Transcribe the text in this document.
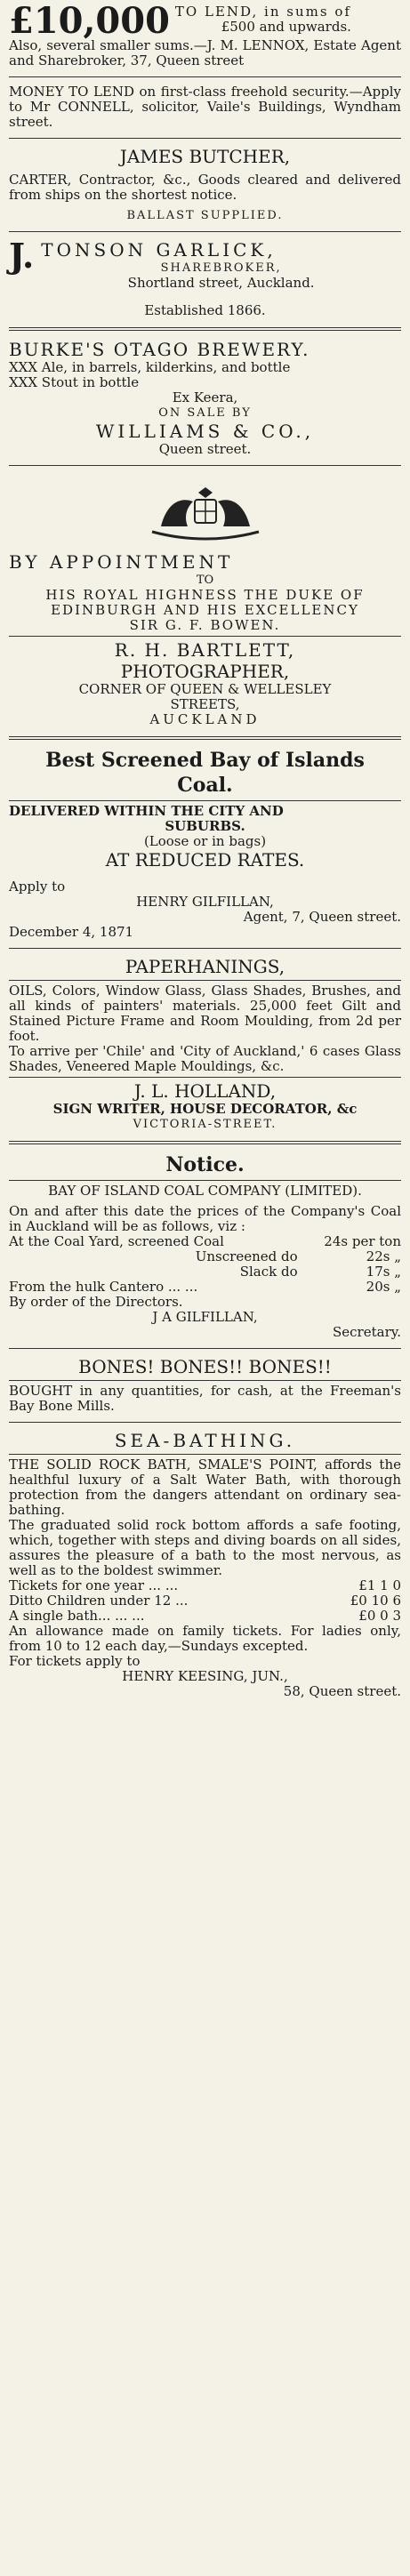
£10,000 TO LEND, in sums of
£500 and upwards.

Also, several smaller sums.—J. M. LENNOX, Estate Agent and Sharebroker, 37, Queen street

MONEY TO LEND on first-class freehold security.—Apply to Mr CONNELL, solicitor, Vaile's Buildings, Wyndham street.

JAMES BUTCHER,

CARTER, Contractor, &c., Goods cleared and delivered from ships on the shortest notice.

BALLAST SUPPLIED.
J. TONSON GARLICK,
SHAREBROKER,
Shortland street, Auckland.
Established 1866.
BURKE'S OTAGO BREWERY.
XXX Ale, in barrels, kilderkins, and bottle
XXX Stout in bottle
Ex Keera,
ON SALE BY
WILLIAMS & CO.,
Queen street.
BY APPOINTMENT
TO
HIS ROYAL HIGHNESS THE DUKE OF
EDINBURGH AND HIS EXCELLENCY
SIR G. F. BOWEN.
R. H. BARTLETT,
PHOTOGRAPHER,
CORNER OF QUEEN & WELLESLEY
STREETS,
AUCKLAND
Best Screened Bay of Islands
Coal.
DELIVERED WITHIN THE CITY AND
SUBURBS.
(Loose or in bags)
AT REDUCED RATES.
Apply to
HENRY GILFILLAN,
Agent, 7, Queen street.
December 4, 1871
PAPERHANINGS,

OILS, Colors, Window Glass, Glass Shades, Brushes, and all kinds of painters' materials. 25,000 feet Gilt and Stained Picture Frame and Room Moulding, from 2d per foot.

To arrive per 'Chile' and 'City of Auckland,' 6 cases Glass Shades, Veneered Maple Mouldings, &c.

J. L. HOLLAND,
SIGN WRITER, HOUSE DECORATOR, &c
VICTORIA-STREET.
Notice.
BAY OF ISLAND COAL COMPANY (LIMITED).

On and after this date the prices of the Company's Coal in Auckland will be as follows, viz :

At the Coal Yard, screened Coal	24s per ton
Unscreened do	22s „
Slack do	17s „
From the hulk Cantero ... ...	20s „
By order of the Directors.
J A GILFILLAN,
Secretary.
BONES! BONES!! BONES!!

BOUGHT in any quantities, for cash, at the Freeman's Bay Bone Mills.

SEA-BATHING.

THE SOLID ROCK BATH, SMALE'S POINT, affords the healthful luxury of a Salt Water Bath, with thorough protection from the dangers attendant on ordinary sea-bathing.

The graduated solid rock bottom affords a safe footing, which, together with steps and diving boards on all sides, assures the pleasure of a bath to the most nervous, as well as to the boldest swimmer.

Tickets for one year ... ...	£1 1 0
Ditto Children under 12 ...	£0 10 6
A single bath... ... ...	£0 0 3

An allowance made on family tickets. For ladies only, from 10 to 12 each day,—Sundays excepted.

For tickets apply to
HENRY KEESING, JUN.,
58, Queen street.
